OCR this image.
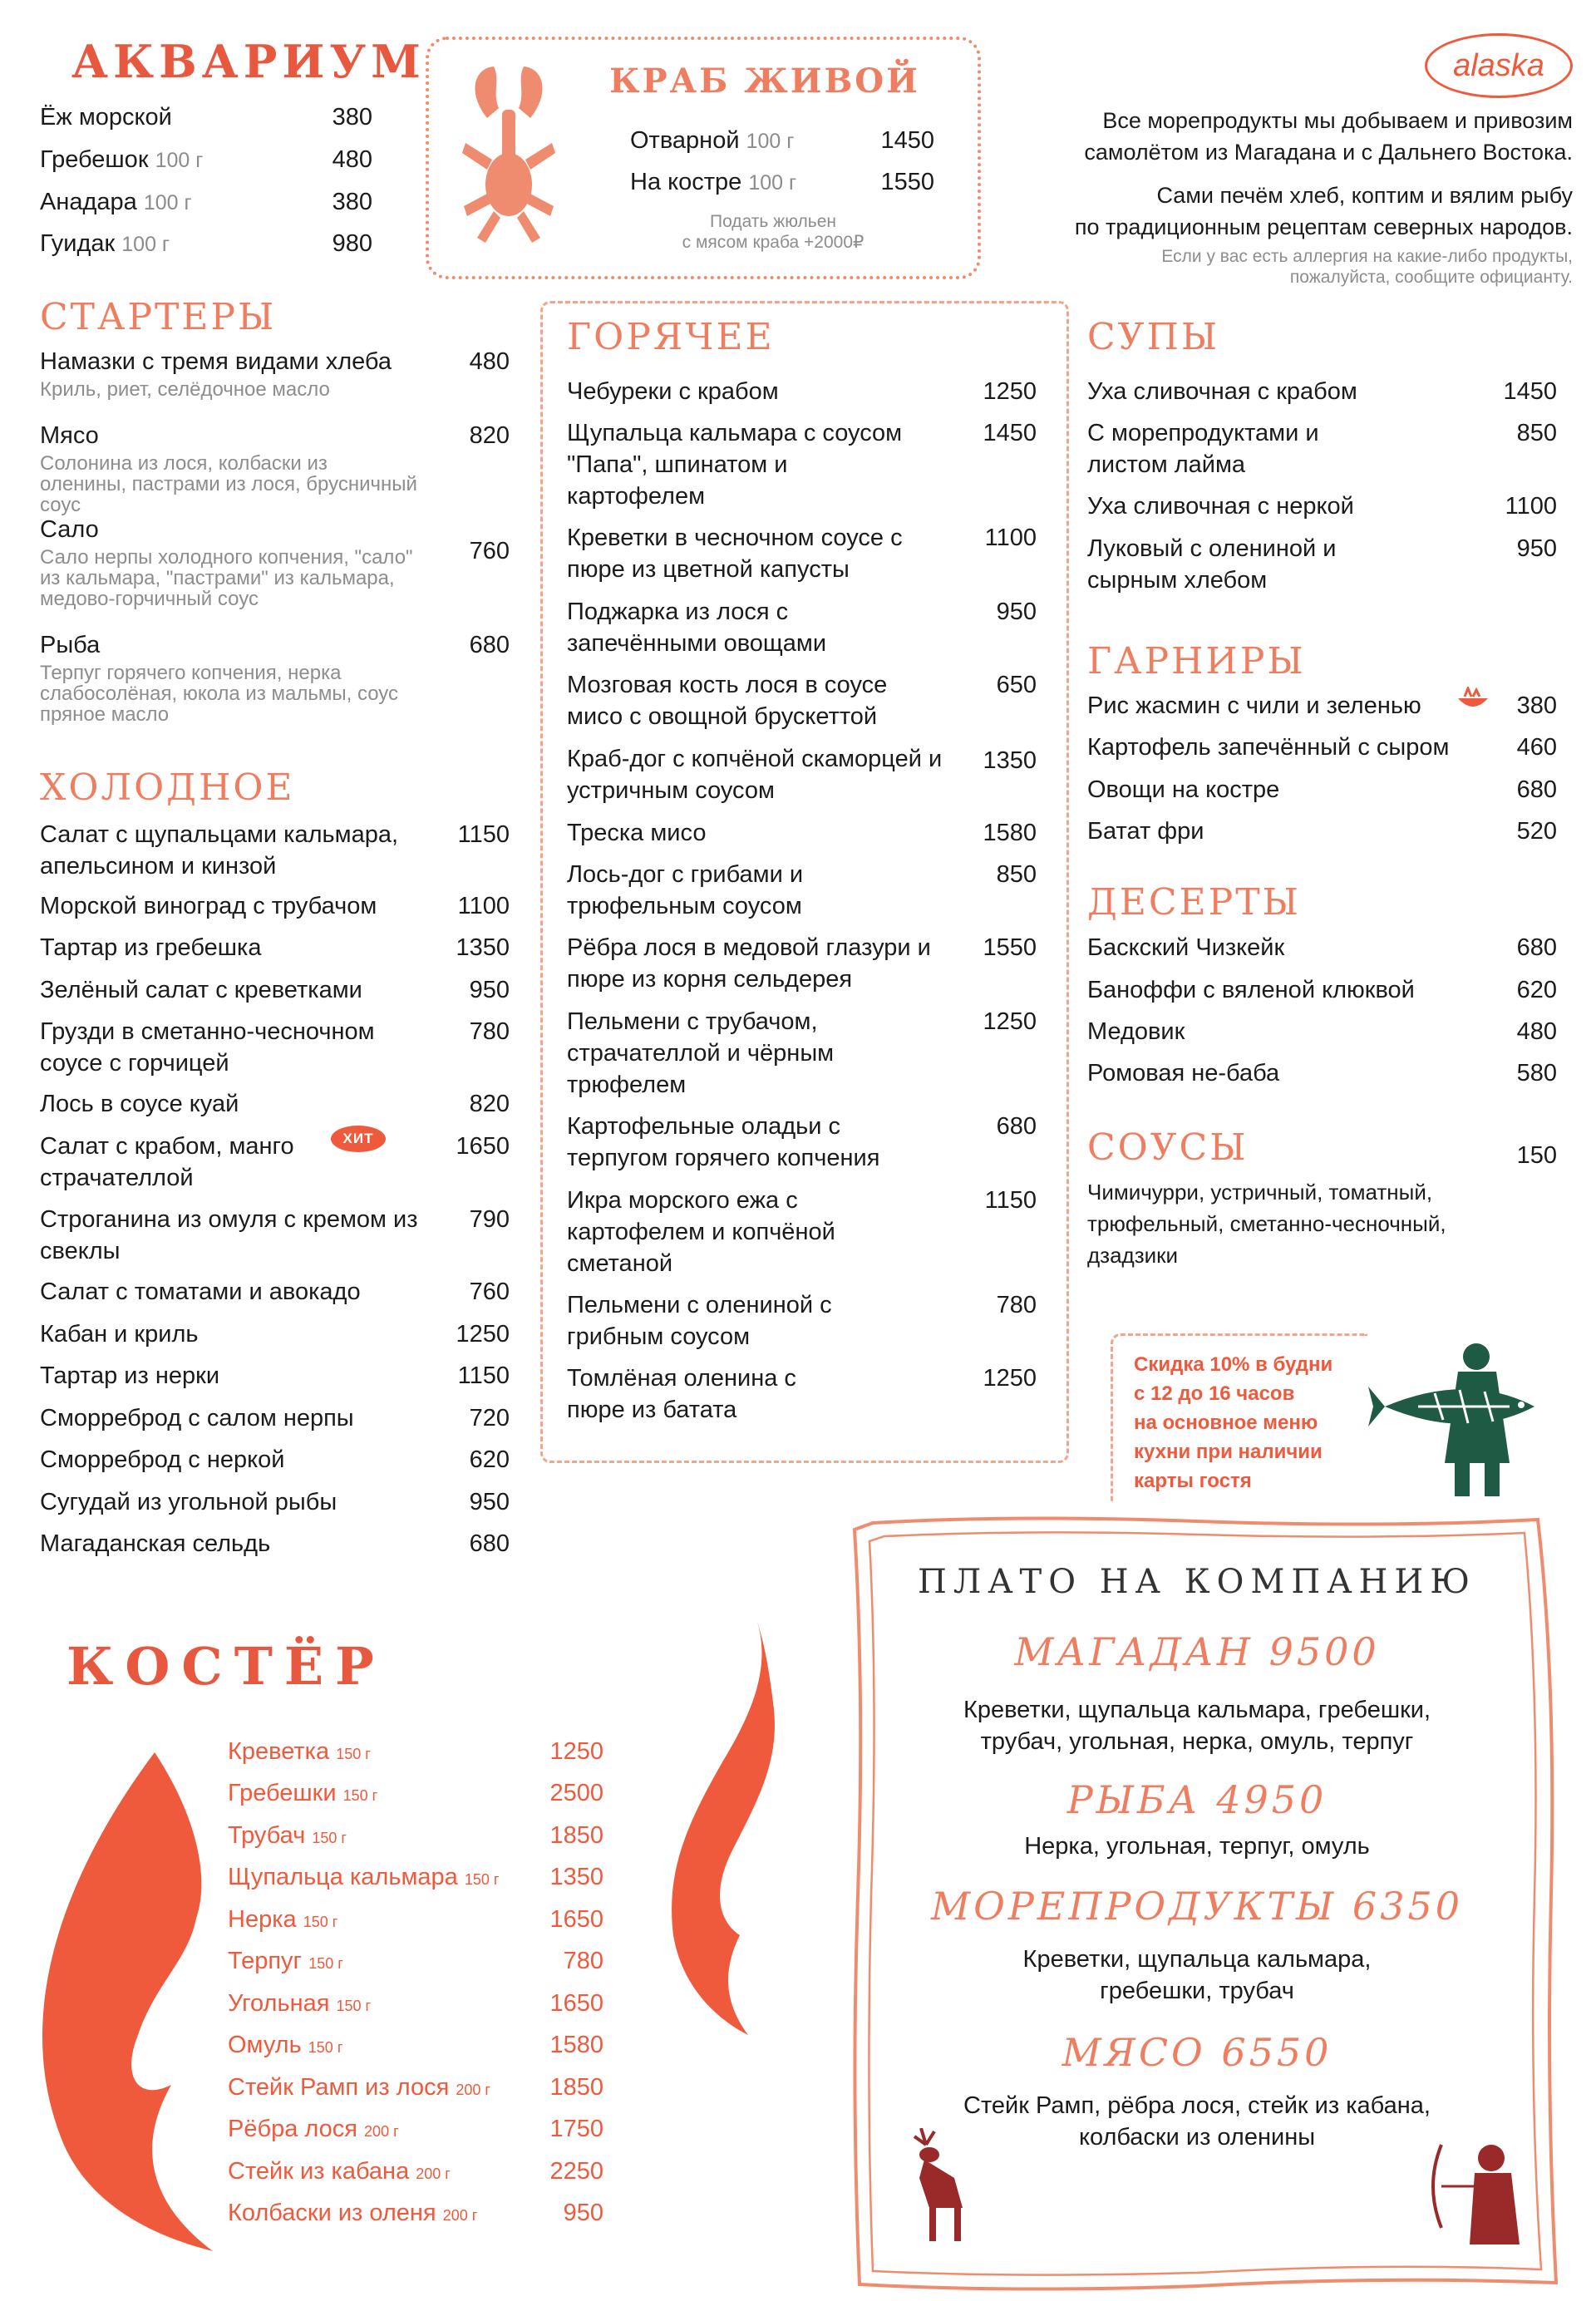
АКВАРИУМ
Ёж морской	380
Гребешок 100 г	480
Анадара 100 г	380
Гуидак 100 г	980
КРАБ ЖИВОЙ
Отварной 100 г	1450
На костре 100 г	1550
Подать жюльен
с мясом краба +2000₽
alaska
Все морепродукты мы добываем и привозим
самолётом из Магадана и с Дальнего Востока.
Сами печём хлеб, коптим и вялим рыбу
по традиционным рецептам северных народов.
Если у вас есть аллергия на какие-либо продукты,
пожалуйста, сообщите официанту.
СТАРТЕРЫ
Намазки с тремя видами хлеба	480
Криль, риет, селёдочное масло
Мясо	820
Солонина из лося, колбаски из оленины, пастрами из лося, брусничный соус
Сало
760
Сало нерпы холодного копчения, "сало" из кальмара, "пастрами" из кальмара, медово-горчичный соус
Рыба	680
Терпуг горячего копчения, нерка слабосолёная, юкола из мальмы, соус пряное масло
ХОЛОДНОЕ
Салат с щупальцами кальмара, апельсином и кинзой
1150
Морской виноград с трубачом	1100
Тартар из гребешка	1350
Зелёный салат с креветками	950
Грузди в сметанно-чесночном соусе с горчицей
780
Лось в соусе куай	820
Салат с крабом, манго страчателлой
1650
ХИТ
Строганина из омуля с кремом из свеклы
790
Салат с томатами и авокадо	760
Кабан и криль	1250
Тартар из нерки	1150
Сморреброд с салом нерпы	720
Сморреброд с неркой	620
Сугудай из угольной рыбы	950
Магаданская сельдь	680
ГОРЯЧЕЕ
Чебуреки с крабом	1250
Щупальца кальмара с соусом "Папа", шпинатом и картофелем
1450
Креветки в чесночном соусе с пюре из цветной капусты
1100
Поджарка из лося с запечёнными овощами
950
Мозговая кость лося в соусе мисо с овощной брускеттой
650
Краб-дог с копчёной скаморцей и устричным соусом
1350
Треска мисо	1580
Лось-дог с грибами и трюфельным соусом
850
Рёбра лося в медовой глазури и пюре из корня сельдерея
1550
Пельмени с трубачом, страчателлой и чёрным трюфелем
1250
Картофельные оладьи с терпугом горячего копчения
680
Икра морского ежа с картофелем и копчёной сметаной
1150
Пельмени с олениной с грибным соусом
780
Томлёная оленина с пюре из батата
1250
СУПЫ
Уха сливочная с крабом	1450
С морепродуктами и листом лайма
850
Уха сливочная с неркой	1100
Луковый с олениной и сырным хлебом
950
ГАРНИРЫ
Рис жасмин с чили и зеленью	380
Картофель запечённый с сыром	460
Овощи на костре	680
Батат фри	520
ДЕСЕРТЫ
Баскский Чизкейк	680
Баноффи с вяленой клюквой	620
Медовик	480
Ромовая не-баба	580
СОУСЫ	150
Чимичурри, устричный, томатный,
трюфельный, сметанно-чесночный,
дзадзики
Скидка 10% в будни
с 12 до 16 часов
на основное меню
кухни при наличии
карты гостя
КОСТЁР
Креветка 150 г	1250
Гребешки 150 г	2500
Трубач 150 г	1850
Щупальца кальмара 150 г	1350
Нерка 150 г	1650
Терпуг 150 г	780
Угольная 150 г	1650
Омуль 150 г	1580
Стейк Рамп из лося 200 г	1850
Рёбра лося 200 г	1750
Стейк из кабана 200 г	2250
Колбаски из оленя 200 г	950
ПЛАТО НА КОМПАНИЮ
МАГАДАН 9500
Креветки, щупальца кальмара, гребешки,
трубач, угольная, нерка, омуль, терпуг
РЫБА 4950
Нерка, угольная, терпуг, омуль
МОРЕПРОДУКТЫ 6350
Креветки, щупальца кальмара,
гребешки, трубач
МЯСО 6550
Стейк Рамп, рёбра лося, стейк из кабана,
колбаски из оленины
